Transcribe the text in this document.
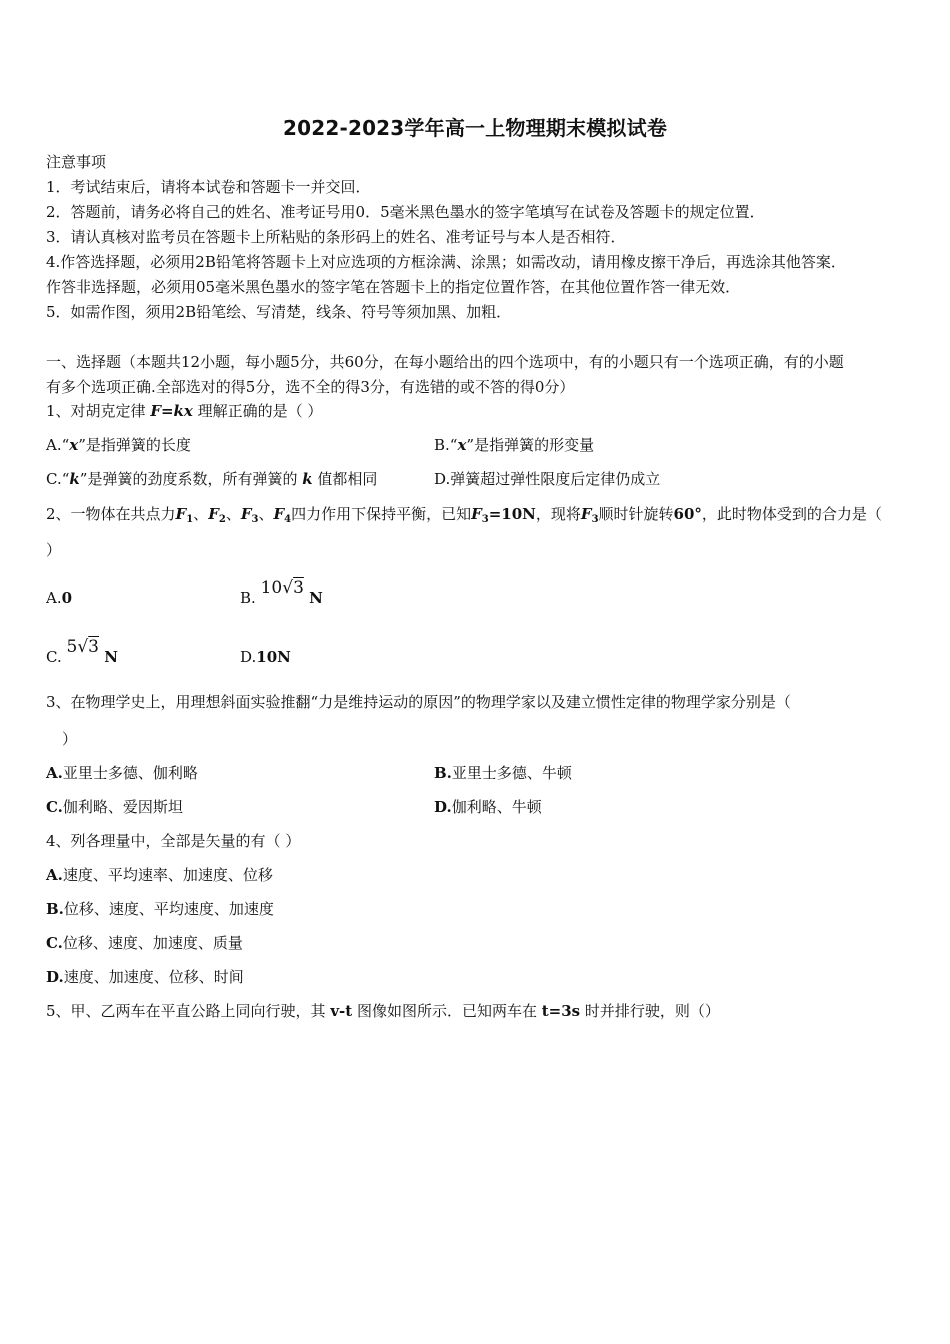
2022-2023学年高一上物理期末模拟试卷
注意事项
1．考试结束后，请将本试卷和答题卡一并交回．
2．答题前，请务必将自己的姓名、准考证号用0．5毫米黑色墨水的签字笔填写在试卷及答题卡的规定位置．
3．请认真核对监考员在答题卡上所粘贴的条形码上的姓名、准考证号与本人是否相符．
4.作答选择题，必须用2B铅笔将答题卡上对应选项的方框涂满、涂黑；如需改动，请用橡皮擦干净后，再选涂其他答案．
作答非选择题，必须用05毫米黑色墨水的签字笔在答题卡上的指定位置作答，在其他位置作答一律无效．
5．如需作图，须用2B铅笔绘、写清楚，线条、符号等须加黑、加粗．
一、选择题（本题共12小题，每小题5分，共60分，在每小题给出的四个选项中，有的小题只有一个选项正确，有的小题
有多个选项正确.全部选对的得5分，选不全的得3分，有选错的或不答的得0分）
1、对胡克定律 F=kx 理解正确的是（ ）
A.“x”是指弹簧的长度	B.“x”是指弹簧的形变量
C.“k”是弹簧的劲度系数，所有弹簧的 k 值都相同	D.弹簧超过弹性限度后定律仍成立
2、一物体在共点力$F_1$、$F_2$、$F_3$、$F_4$四力作用下保持平衡，已知$F_3=10N$，现将$F_3$顺时针旋转60°，此时物体受到的合力是（
）
A.0	B. 10√3 N
C. 5√3 N	D.10N
3、在物理学史上，用理想斜面实验推翻“力是维持运动的原因”的物理学家以及建立惯性定律的物理学家分别是（
）
A.亚里士多德、伽利略	B.亚里士多德、牛顿
C.伽利略、爱因斯坦	D.伽利略、牛顿
4、列各理量中，全部是矢量的有（ ）
A.速度、平均速率、加速度、位移
B.位移、速度、平均速度、加速度
C.位移、速度、加速度、质量
D.速度、加速度、位移、时间
5、甲、乙两车在平直公路上同向行驶，其 v-t 图像如图所示．已知两车在 t=3s 时并排行驶，则（）
